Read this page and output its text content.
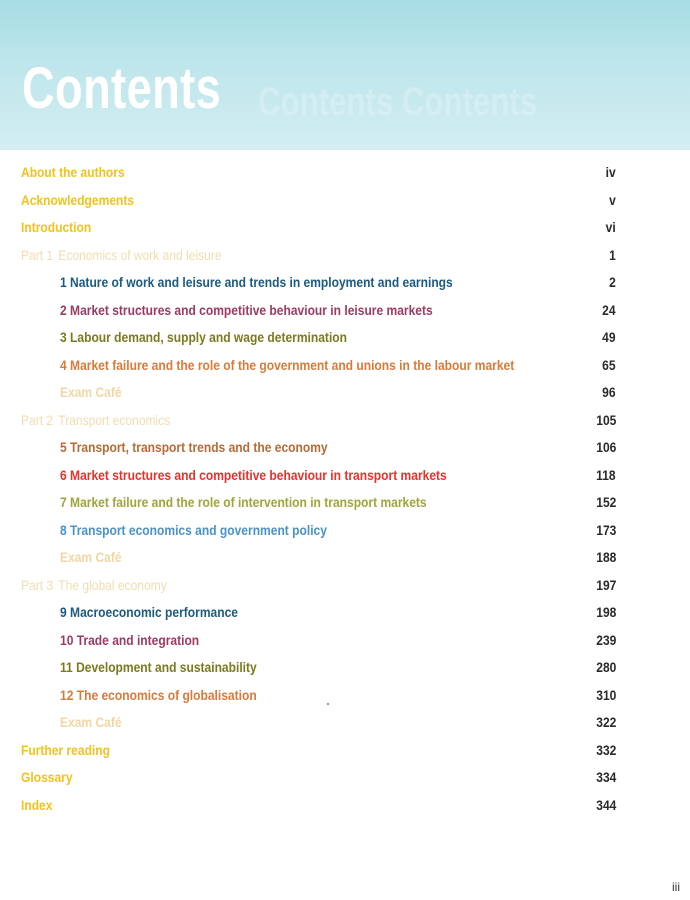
Contents Contents Contents
About the authors	iv
Acknowledgements	v
Introduction	vi
Part 1 Economics of work and leisure	1
1 Nature of work and leisure and trends in employment and earnings	2
2 Market structures and competitive behaviour in leisure markets	24
3 Labour demand, supply and wage determination	49
4 Market failure and the role of the government and unions in the labour market	65
Exam Café	96
Part 2 Transport economics	105
5 Transport, transport trends and the economy	106
6 Market structures and competitive behaviour in transport markets	118
7 Market failure and the role of intervention in transport markets	152
8 Transport economics and government policy	173
Exam Café	188
Part 3 The global economy	197
9 Macroeconomic performance	198
10 Trade and integration	239
11 Development and sustainability	280
12 The economics of globalisation	310
Exam Café	322
Further reading	332
Glossary	334
Index	344
iii
